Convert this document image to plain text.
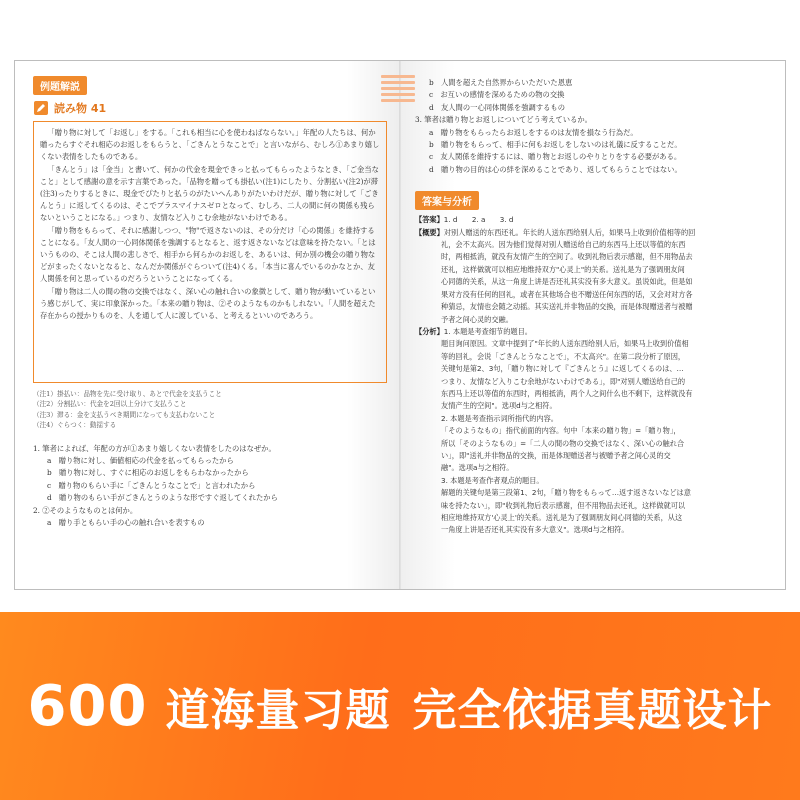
例题解説
読み物 41

「贈り物に対して「お返し」をする。「これも相当に心を使わねばならない。」年配の人たちは、何か贈ったらすぐそれ相応のお返しをもらうと、「ごきんとうなことで」と言いながら、むしろ①あまり嬉しくない表情をしたものである。

「きんとう」は「金当」と書いて、何かの代金を現金できっと払ってもらったようなとき、「ご金当なこと」として感謝の意を示す言葉であった。「品物を贈っても掛払い(注1)にしたり、分割払い(注2)が滞(注3)ったりするときに、現金でぴたりと払うのがたいへんありがたいわけだが、贈り物に対して「ごきんとう」に返してくるのは、そこでプラスマイナスゼロとなって、むしろ、二人の間に何の関係も残らないということになる。」つまり、友情など入りこむ余地がないわけである。

「贈り物をもらって、それに感謝しつつ、"物"で返さないのは、その分だけ「心の関係」を維持することになる。「友人間の一心同体関係を強調するとなると、返す返さないなどは意味を持たない。「とはいうものの、そこは人間の悲しさで、相手から何らかのお返しを、あるいは、何か別の機会の贈り物などがまったくないとなると、なんだか関係がぐらついて(注4)くる。「本当に喜んでいるのかなとか、友人関係を何と思っているのだろうということになってくる。

「贈り物は二人の間の物の交換ではなく、深い心の触れ合いの象徴として、贈り物が動いているという感じがして、実に印象深かった。「本来の贈り物は、②そのようなものかもしれない。「人間を超えた存在からの授かりものを、人を通して人に渡している、と考えるといいのであろう。

（注1）掛払い：品物を先に受け取り、あとで代金を支払うこと
（注2）分割払い：代金を2回以上分けて支払うこと
（注3）滞る：金を支払うべき期間になっても支払わないこと
（注4）ぐらつく：動揺する
1. 筆者によれば、年配の方が①あまり嬉しくない表情をしたのはなぜか。
a　贈り物に対し、価値相応の代金を払ってもらったから
b　贈り物に対し、すぐに相応のお返しをもらわなかったから
c　贈り物のもらい手に「ごきんとうなことで」と言われたから
d　贈り物のもらい手がごきんとうのような形ですぐ返してくれたから
2. ②そのようなものとは何か。
a　贈り手ともらい手の心の触れ合いを表すもの
b　人間を超えた自然界からいただいた恩恵
c　お互いの感情を深めるための物の交換
d　友人間の一心同体関係を強調するもの
3. 筆者は贈り物とお返しについてどう考えているか。
a　贈り物をもらったらお返しをするのは友情を損なう行為だ。
b　贈り物をもらって、相手に何もお返しをしないのは礼儀に反することだ。
c　友人関係を維持するには、贈り物とお返しのやりとりをする必要がある。
d　贈り物の目的は心の絆を深めることであり、返してもらうことではない。
答案与分析
【答案】1. d　　2. a　　3. d
【概要】对别人赠送的东西还礼。年长的人送东西给别人后，如果马上收到价值相等的回
礼，会不太高兴。因为他们觉得对别人赠送给自己的东西马上还以等值的东西
时，两相抵消，就没有友情产生的空间了。收到礼物后表示感谢，但不用物品去
还礼，这样做就可以相应地维持双方"心灵上"的关系。送礼是为了强调朋友间
心同德的关系，从这一角度上讲是否还礼其实没有多大意义。虽说如此，但是如
果对方没有任何的回礼，或者在其他场合也不赠送任何东西的话，又会对对方各
种猜忌，友情也会随之动摇。其实送礼并非物品的交换，而是体现赠送者与被赠
予者之间心灵的交融。
【分析】1. 本题是考查细节的题目。
题目询问原因。文章中提到了"年长的人送东西给别人后，如果马上收到价值相
等的回礼，会说「ごきんとうなことで」，不太高兴"。在第二段分析了原因，
关键句是第2、3句，「贈り物に対して『ごきんとう』に返してくるのは、…
つまり、友情など入りこむ余地がないわけである」，即"对别人赠送给自己的
东西马上还以等值的东西时，两相抵消，两个人之间什么也不剩下，这样就没有
友情产生的空间"。选项d与之相符。
2. 本题是考查指示词所指代的内容。
「そのようなもの」指代前面的内容。句中「本来の贈り物」=「贈り物」，
所以「そのようなもの」=「二人の間の物の交換ではなく、深い心の触れ合
い」，即"送礼并非物品的交换，而是体现赠送者与被赠予者之间心灵的交
融"。选项a与之相符。
3. 本题是考查作者观点的题目。
解题的关键句是第三段第1、2句，「贈り物をもらって…返す返さないなどは意
味を持たない」，即"收到礼物后表示感谢，但不用物品去还礼，这样做就可以
相应地维持双方'心灵上'的关系。送礼是为了强调朋友间心同德的关系，从这
一角度上讲是否还礼其实没有多大意义"。选项d与之相符。
600 道海量习题 完全依据真题设计
